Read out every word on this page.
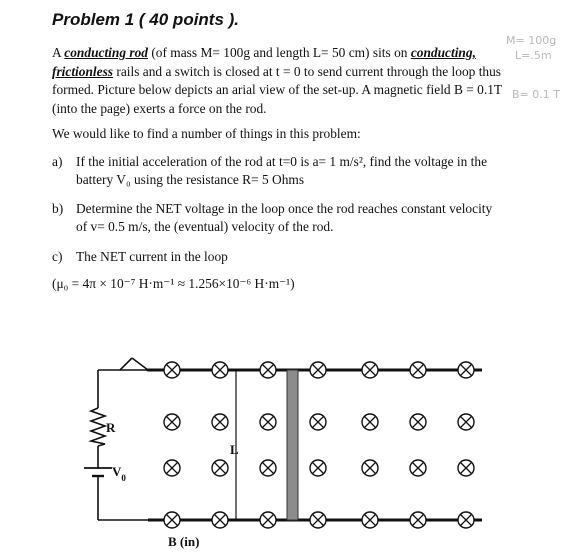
Problem 1 ( 40 points ).
A conducting rod (of mass M= 100g and length L= 50 cm) sits on conducting, frictionless rails and a switch is closed at t = 0 to send current through the loop thus formed. Picture below depicts an arial view of the set-up. A magnetic field B = 0.1T (into the page) exerts a force on the rod.
M= 100g
L=.5m
B= 0.1 T
We would like to find a number of things in this problem:
a) If the initial acceleration of the rod at t=0 is a= 1 m/s², find the voltage in the
battery V₀ using the resistance R= 5 Ohms
b) Determine the NET voltage in the loop once the rod reaches constant velocity
of v= 0.5 m/s, the (eventual) velocity of the rod.
c) The NET current in the loop
(μ₀ = 4π × 10⁻⁷ H·m⁻¹ ≈ 1.256×10⁻⁶ H·m⁻¹)
R
$V_0$
L
B (in)
